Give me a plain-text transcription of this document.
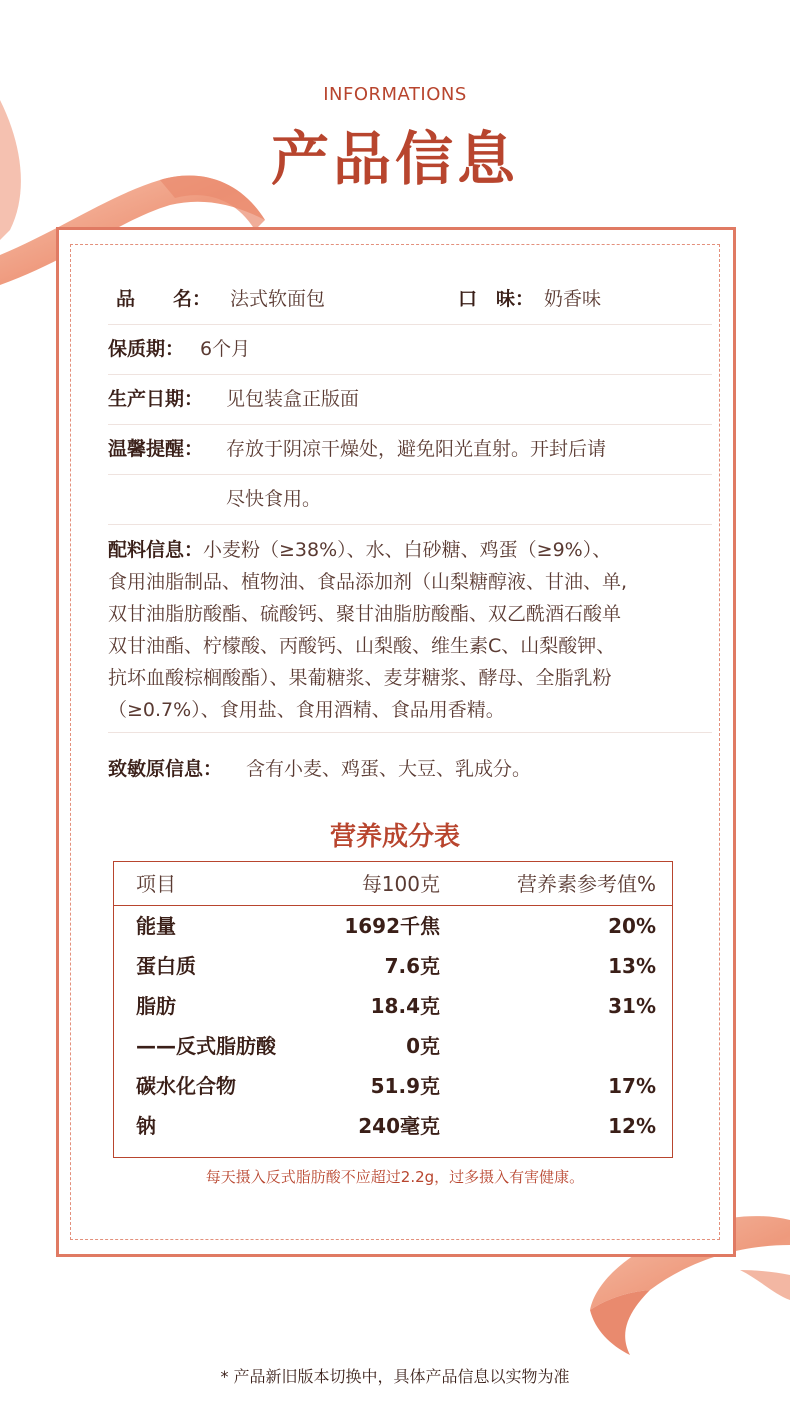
INFORMATIONS
产品信息
品　　名： 法式软面包	口　味： 奶香味
保质期： 6个月
生产日期： 见包装盒正版面
温馨提醒： 存放于阴凉干燥处，避免阳光直射。开封后请
尽快食用。
配料信息：小麦粉（≥38%）、水、白砂糖、鸡蛋（≥9%）、
食用油脂制品、植物油、食品添加剂（山梨糖醇液、甘油、单,
双甘油脂肪酸酯、硫酸钙、聚甘油脂肪酸酯、双乙酰酒石酸单
双甘油酯、柠檬酸、丙酸钙、山梨酸、维生素C、山梨酸钾、
抗坏血酸棕榈酸酯）、果葡糖浆、麦芽糖浆、酵母、全脂乳粉
（≥0.7%）、食用盐、食用酒精、食品用香精。
致敏原信息： 含有小麦、鸡蛋、大豆、乳成分。
营养成分表
项目	每100克	营养素参考值%
能量	1692千焦	20%
蛋白质	7.6克	13%
脂肪	18.4克	31%
——反式脂肪酸	0克
碳水化合物	51.9克	17%
钠	240毫克	12%
每天摄入反式脂肪酸不应超过2.2g，过多摄入有害健康。
* 产品新旧版本切换中，具体产品信息以实物为准
